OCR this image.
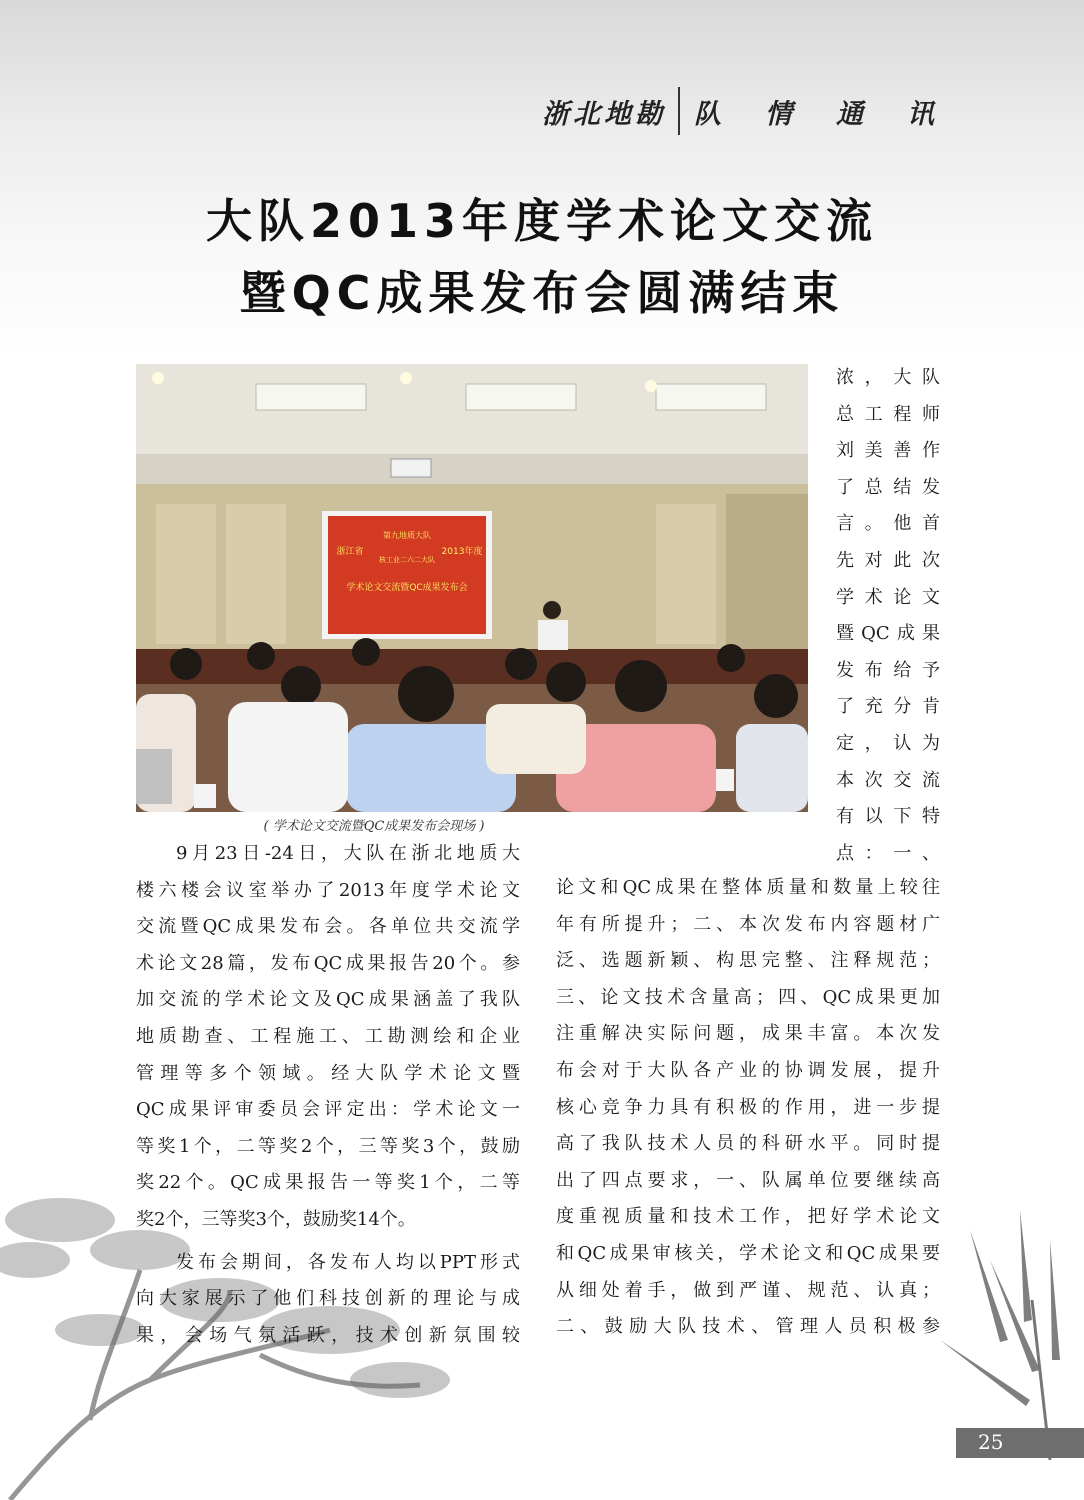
浙北地勘 队情通讯
大队2013年度学术论文交流
暨QC成果发布会圆满结束
第九地质大队
浙江省	2013年度
核工业二六二大队
学术论文交流暨QC成果发布会
( 学术论文交流暨QC成果发布会现场 )
浓，大队
总工程师
刘美善作
了总结发
言。他首
先对此次
学术论文
暨QC成果
发布给予
了充分肯
定，认为
本次交流
有以下特
点：一、
9月23日-24日，大队在浙北地质大
楼六楼会议室举办了2013年度学术论文
交流暨QC成果发布会。各单位共交流学
术论文28篇，发布QC成果报告20个。参
加交流的学术论文及QC成果涵盖了我队
地质勘查、工程施工、工勘测绘和企业
管理等多个领域。经大队学术论文暨
QC成果评审委员会评定出：学术论文一
等奖1个，二等奖2个，三等奖3个，鼓励
奖22个。QC成果报告一等奖1个，二等
奖2个，三等奖3个，鼓励奖14个。
发布会期间，各发布人均以PPT形式
向大家展示了他们科技创新的理论与成
果，会场气氛活跃，技术创新氛围较
论文和QC成果在整体质量和数量上较往
年有所提升；二、本次发布内容题材广
泛、选题新颖、构思完整、注释规范；
三、论文技术含量高；四、QC成果更加
注重解决实际问题，成果丰富。本次发
布会对于大队各产业的协调发展，提升
核心竞争力具有积极的作用，进一步提
高了我队技术人员的科研水平。同时提
出了四点要求，一、队属单位要继续高
度重视质量和技术工作，把好学术论文
和QC成果审核关，学术论文和QC成果要
从细处着手，做到严谨、规范、认真；
二、鼓励大队技术、管理人员积极参
25
